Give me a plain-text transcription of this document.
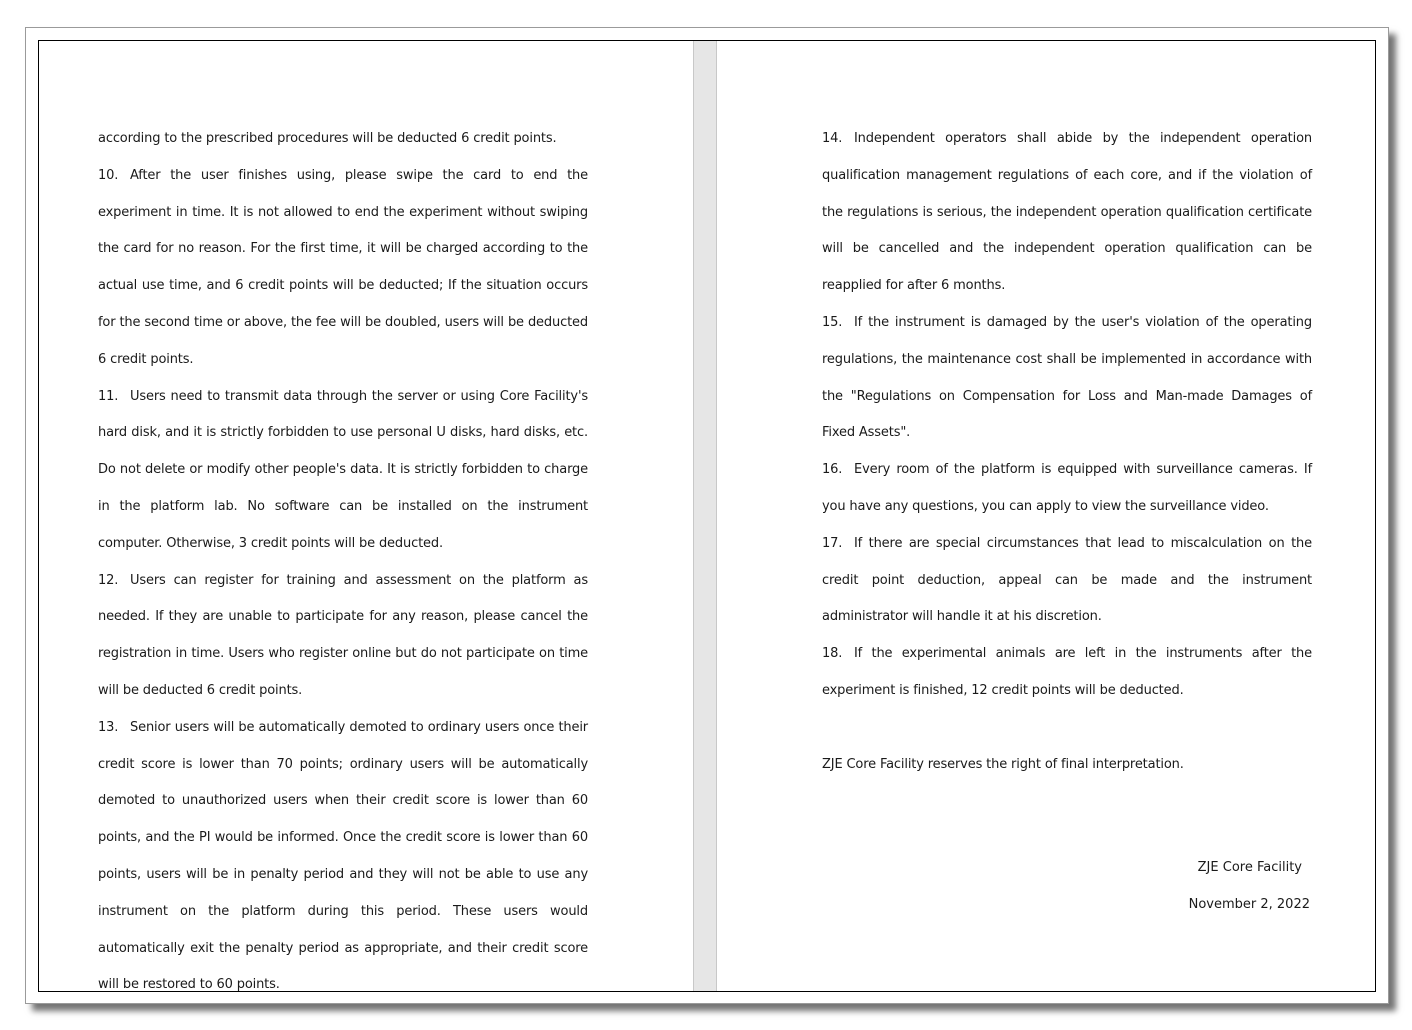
according to the prescribed procedures will be deducted 6 credit points.

10. After the user finishes using, please swipe the card to end the experiment in time. It is not allowed to end the experiment without swiping the card for no reason. For the first time, it will be charged according to the actual use time, and 6 credit points will be deducted; If the situation occurs for the second time or above, the fee will be doubled, users will be deducted 6 credit points.

11. Users need to transmit data through the server or using Core Facility's hard disk, and it is strictly forbidden to use personal U disks, hard disks, etc. Do not delete or modify other people's data. It is strictly forbidden to charge in the platform lab. No software can be installed on the instrument computer. Otherwise, 3 credit points will be deducted.

12. Users can register for training and assessment on the platform as needed. If they are unable to participate for any reason, please cancel the registration in time. Users who register online but do not participate on time will be deducted 6 credit points.

13. Senior users will be automatically demoted to ordinary users once their credit score is lower than 70 points; ordinary users will be automatically demoted to unauthorized users when their credit score is lower than 60 points, and the PI would be informed. Once the credit score is lower than 60 points, users will be in penalty period and they will not be able to use any instrument on the platform during this period. These users would automatically exit the penalty period as appropriate, and their credit score will be restored to 60 points.

14. Independent operators shall abide by the independent operation qualification management regulations of each core, and if the violation of the regulations is serious, the independent operation qualification certificate will be cancelled and the independent operation qualification can be reapplied for after 6 months.

15. If the instrument is damaged by the user's violation of the operating regulations, the maintenance cost shall be implemented in accordance with the "Regulations on Compensation for Loss and Man-made Damages of Fixed Assets".

16. Every room of the platform is equipped with surveillance cameras. If you have any questions, you can apply to view the surveillance video.

17. If there are special circumstances that lead to miscalculation on the credit point deduction, appeal can be made and the instrument administrator will handle it at his discretion.

18. If the experimental animals are left in the instruments after the experiment is finished, 12 credit points will be deducted.

ZJE Core Facility reserves the right of final interpretation.

ZJE Core Facility
November 2, 2022
